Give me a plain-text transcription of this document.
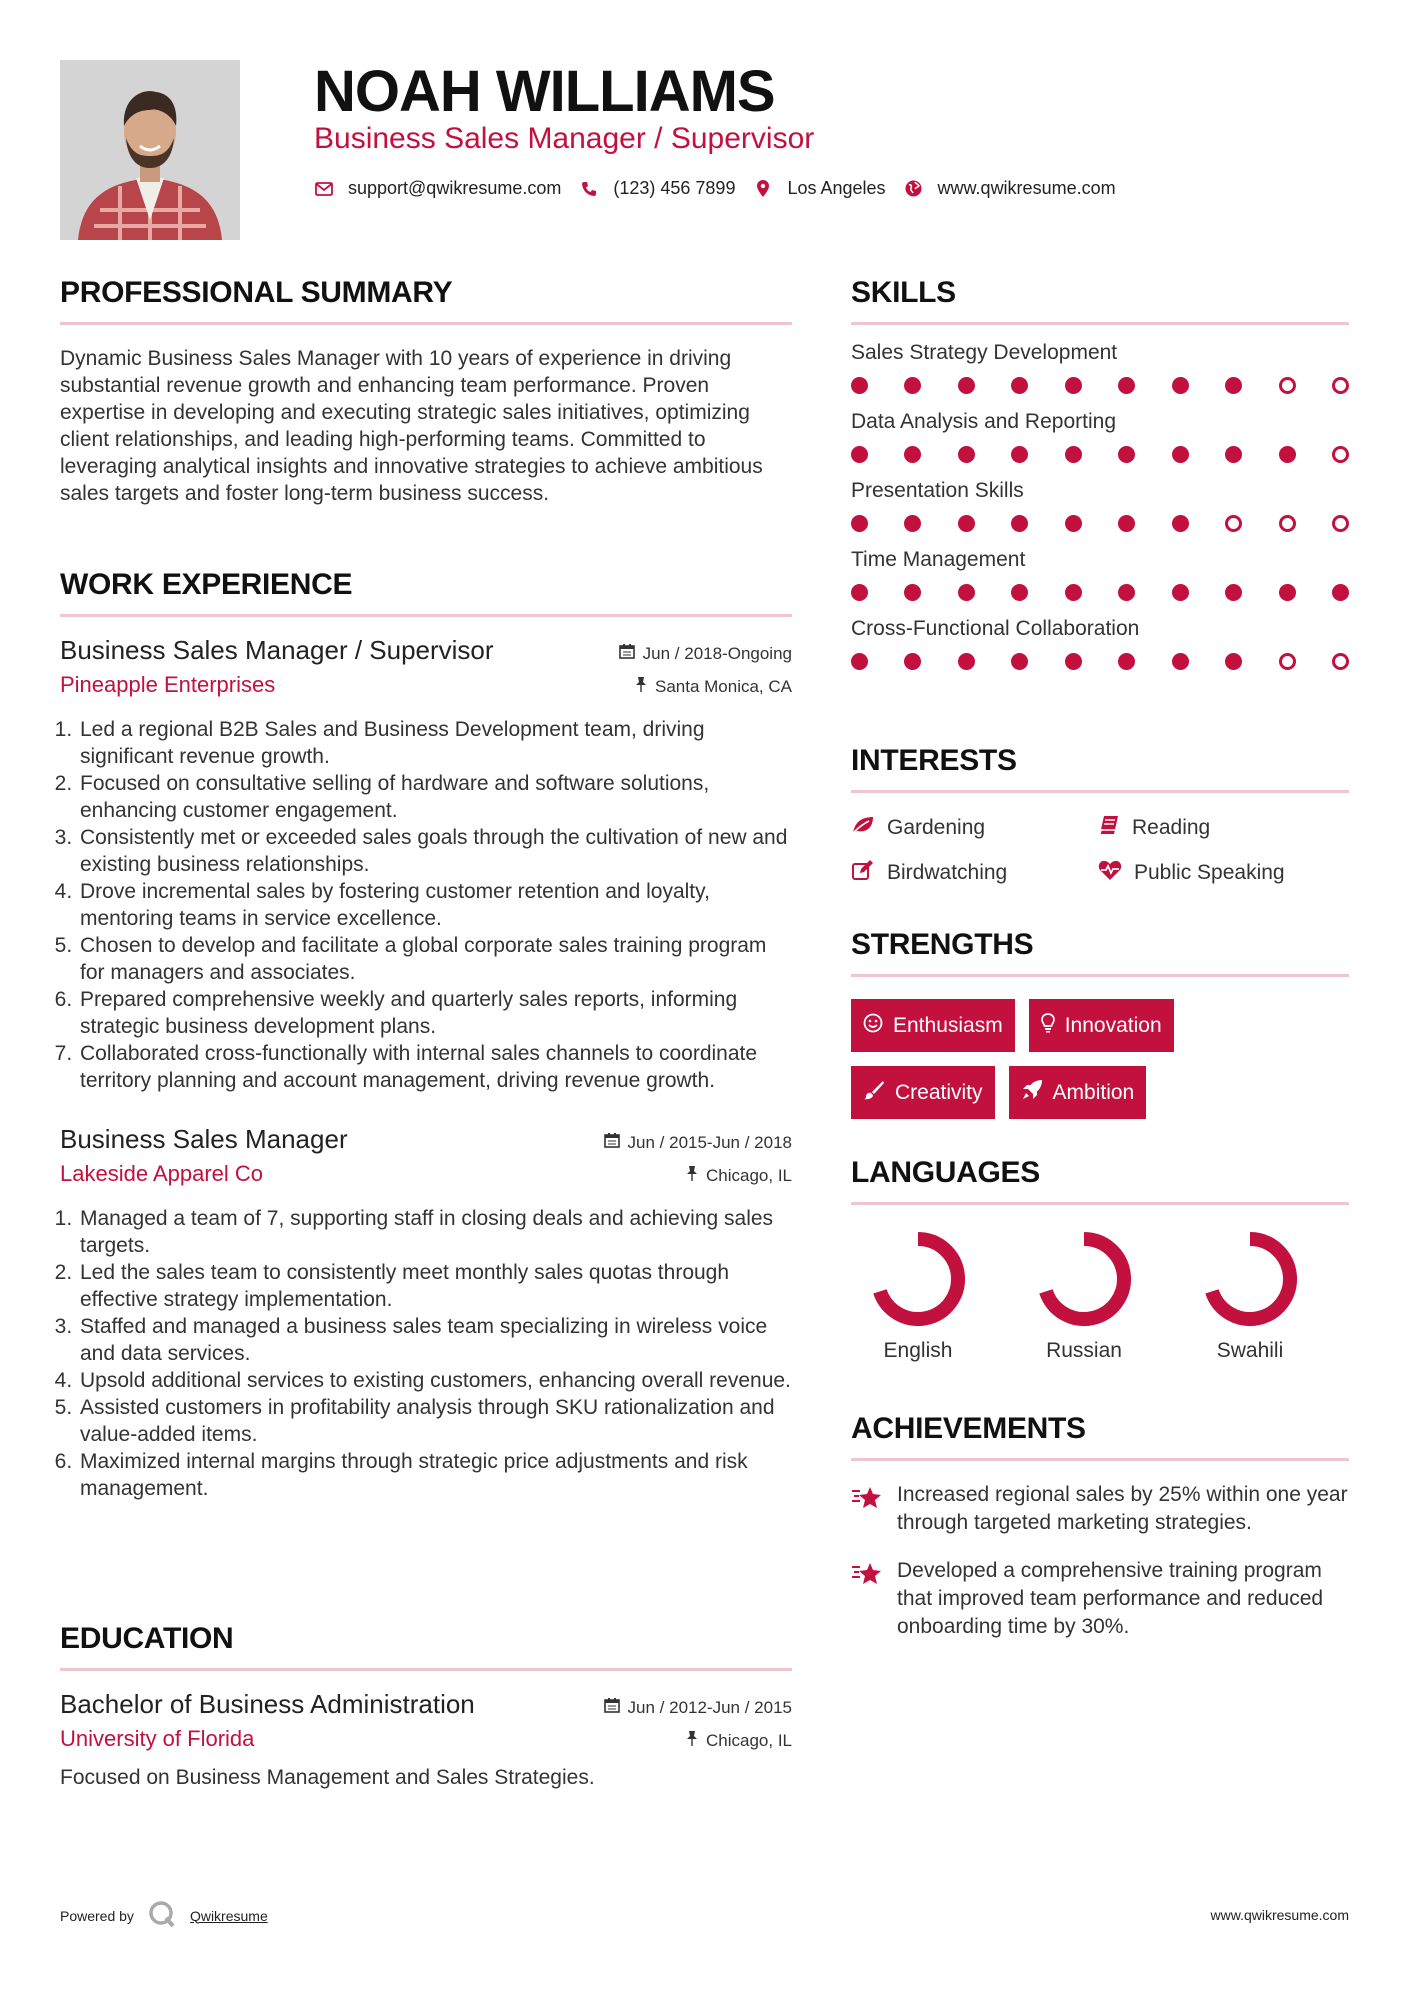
NOAH WILLIAMS
Business Sales Manager / Supervisor
support@qwikresume.com	(123) 456 7899	Los Angeles	www.qwikresume.com
PROFESSIONAL SUMMARY

Dynamic Business Sales Manager with 10 years of experience in driving substantial revenue growth and enhancing team performance. Proven expertise in developing and executing strategic sales initiatives, optimizing client relationships, and leading high-performing teams. Committed to leveraging analytical insights and innovative strategies to achieve ambitious sales targets and foster long-term business success.

WORK EXPERIENCE
Business Sales Manager / Supervisor	Jun / 2018-Ongoing
Pineapple Enterprises	Santa Monica, CA
1. Led a regional B2B Sales and Business Development team, driving significant revenue growth.
2. Focused on consultative selling of hardware and software solutions, enhancing customer engagement.
3. Consistently met or exceeded sales goals through the cultivation of new and existing business relationships.
4. Drove incremental sales by fostering customer retention and loyalty, mentoring teams in service excellence.
5. Chosen to develop and facilitate a global corporate sales training program for managers and associates.
6. Prepared comprehensive weekly and quarterly sales reports, informing strategic business development plans.
7. Collaborated cross-functionally with internal sales channels to coordinate territory planning and account management, driving revenue growth.
Business Sales Manager	Jun / 2015-Jun / 2018
Lakeside Apparel Co	Chicago, IL
1. Managed a team of 7, supporting staff in closing deals and achieving sales targets.
2. Led the sales team to consistently meet monthly sales quotas through effective strategy implementation.
3. Staffed and managed a business sales team specializing in wireless voice and data services.
4. Upsold additional services to existing customers, enhancing overall revenue.
5. Assisted customers in profitability analysis through SKU rationalization and value-added items.
6. Maximized internal margins through strategic price adjustments and risk management.
EDUCATION
Bachelor of Business Administration	Jun / 2012-Jun / 2015
University of Florida	Chicago, IL

Focused on Business Management and Sales Strategies.

SKILLS
Sales Strategy Development
Data Analysis and Reporting
Presentation Skills
Time Management
Cross-Functional Collaboration
INTERESTS
Gardening	Reading
Birdwatching	Public Speaking
STRENGTHS
Enthusiasm	Innovation
Creativity	Ambition
LANGUAGES
English	Russian	Swahili
ACHIEVEMENTS
Increased regional sales by 25% within one year through targeted marketing strategies.
Developed a comprehensive training program that improved team performance and reduced onboarding time by 30%.
Powered by	Qwikresume	www.qwikresume.com
